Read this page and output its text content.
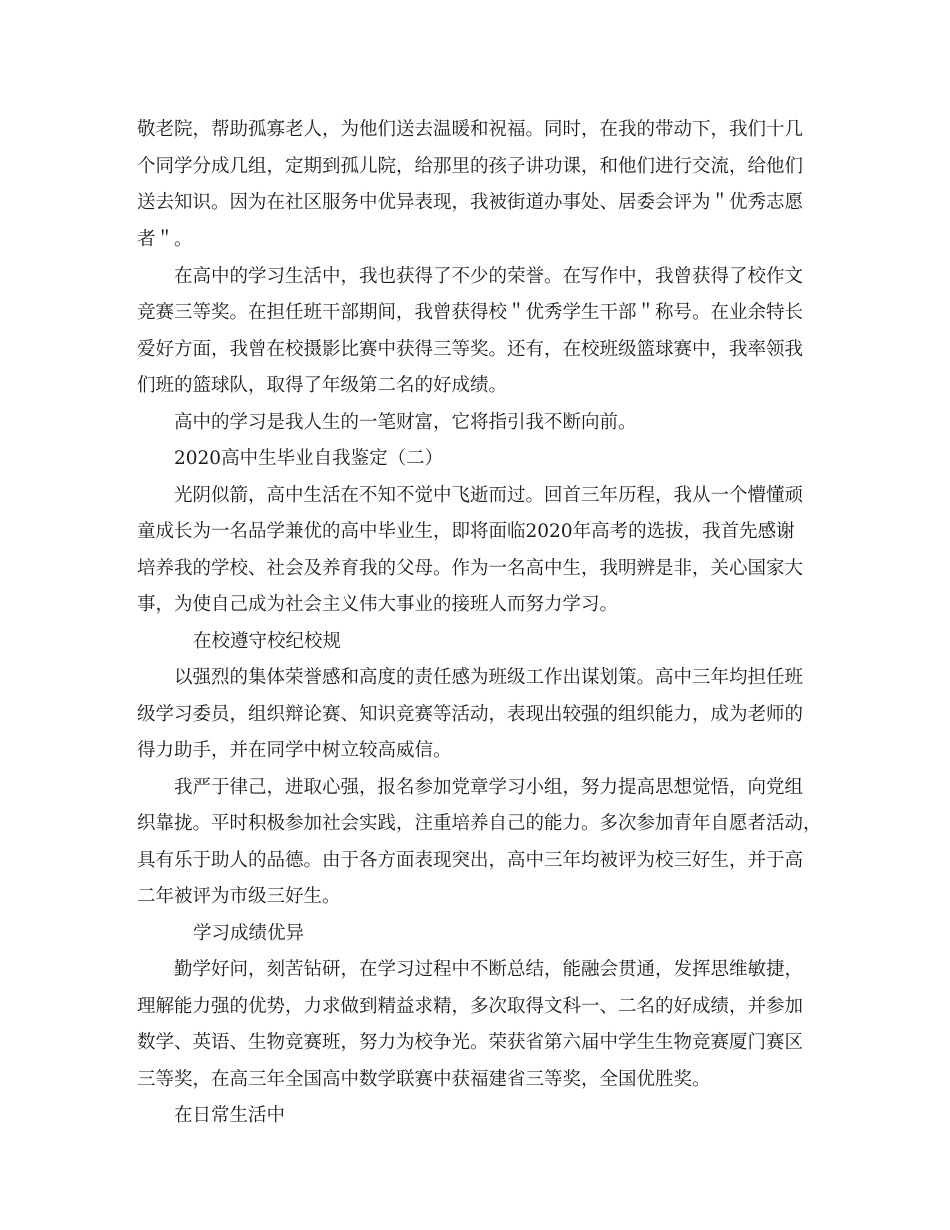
敬老院，帮助孤寡老人，为他们送去温暖和祝福。同时，在我的带动下，我们十几
个同学分成几组，定期到孤儿院，给那里的孩子讲功课，和他们进行交流，给他们
送去知识。因为在社区服务中优异表现，我被街道办事处、居委会评为＂优秀志愿
者＂。
在高中的学习生活中，我也获得了不少的荣誉。在写作中，我曾获得了校作文
竞赛三等奖。在担任班干部期间，我曾获得校＂优秀学生干部＂称号。在业余特长
爱好方面，我曾在校摄影比赛中获得三等奖。还有，在校班级篮球赛中，我率领我
们班的篮球队，取得了年级第二名的好成绩。
高中的学习是我人生的一笔财富，它将指引我不断向前。
2020高中生毕业自我鉴定（二）
光阴似箭，高中生活在不知不觉中飞逝而过。回首三年历程，我从一个懵懂顽
童成长为一名品学兼优的高中毕业生，即将面临2020年高考的选拔，我首先感谢
培养我的学校、社会及养育我的父母。作为一名高中生，我明辨是非，关心国家大
事，为使自己成为社会主义伟大事业的接班人而努力学习。
在校遵守校纪校规
以强烈的集体荣誉感和高度的责任感为班级工作出谋划策。高中三年均担任班
级学习委员，组织辩论赛、知识竞赛等活动，表现出较强的组织能力，成为老师的
得力助手，并在同学中树立较高威信。
我严于律己，进取心强，报名参加党章学习小组，努力提高思想觉悟，向党组
织靠拢。平时积极参加社会实践，注重培养自己的能力。多次参加青年自愿者活动，
具有乐于助人的品德。由于各方面表现突出，高中三年均被评为校三好生，并于高
二年被评为市级三好生。
学习成绩优异
勤学好问，刻苦钻研，在学习过程中不断总结，能融会贯通，发挥思维敏捷，
理解能力强的优势，力求做到精益求精，多次取得文科一、二名的好成绩，并参加
数学、英语、生物竞赛班，努力为校争光。荣获省第六届中学生生物竞赛厦门赛区
三等奖，在高三年全国高中数学联赛中获福建省三等奖，全国优胜奖。
在日常生活中
